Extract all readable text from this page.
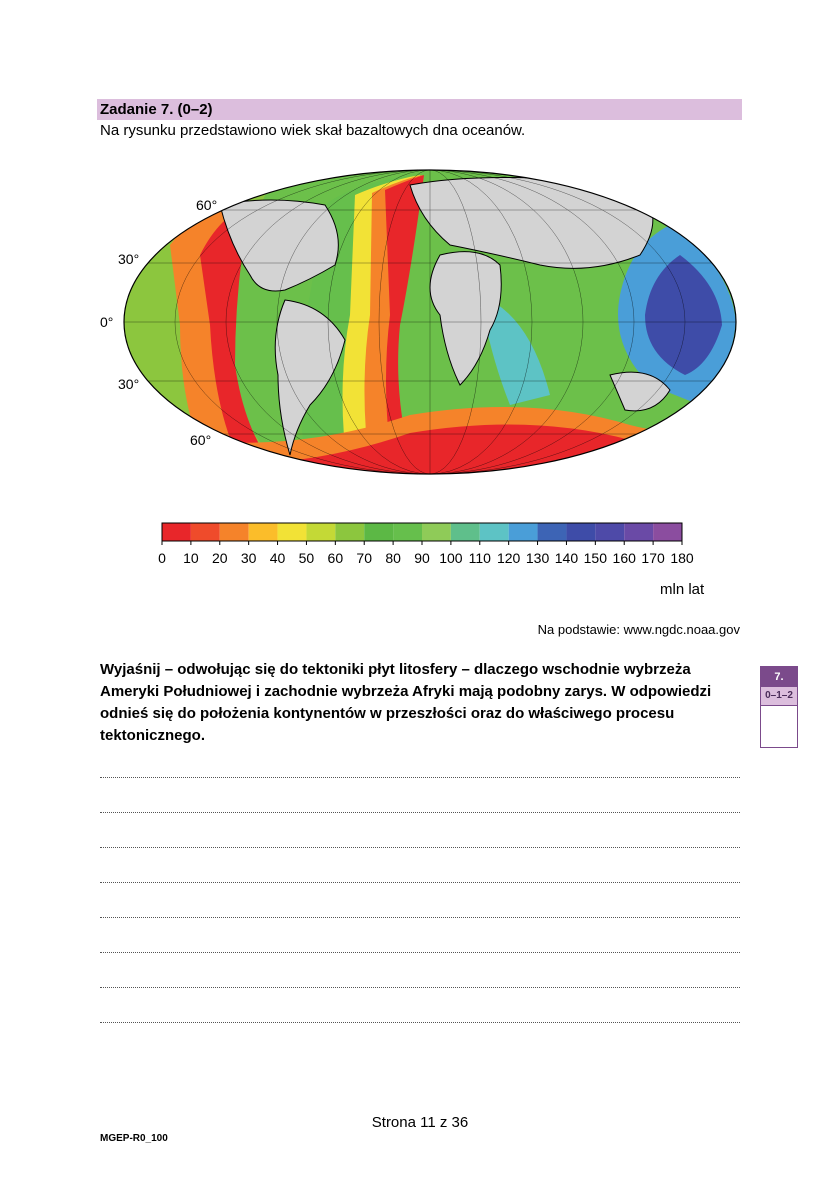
Zadanie 7. (0–2)
Na rysunku przedstawiono wiek skał bazaltowych dna oceanów.
60°
30°
0°
30°
60°
0 10 20 30 40 50 60 70 80 90 100 110 120 130 140 150 160 170 180
mln lat
Na podstawie: www.ngdc.noaa.gov
Wyjaśnij – odwołując się do tektoniki płyt litosfery – dlaczego wschodnie wybrzeża Ameryki Południowej i zachodnie wybrzeża Afryki mają podobny zarys. W odpowiedzi odnieś się do położenia kontynentów w przeszłości oraz do właściwego procesu tektonicznego.
7.
0–1–2
Strona 11 z 36
MGEP-R0_100
